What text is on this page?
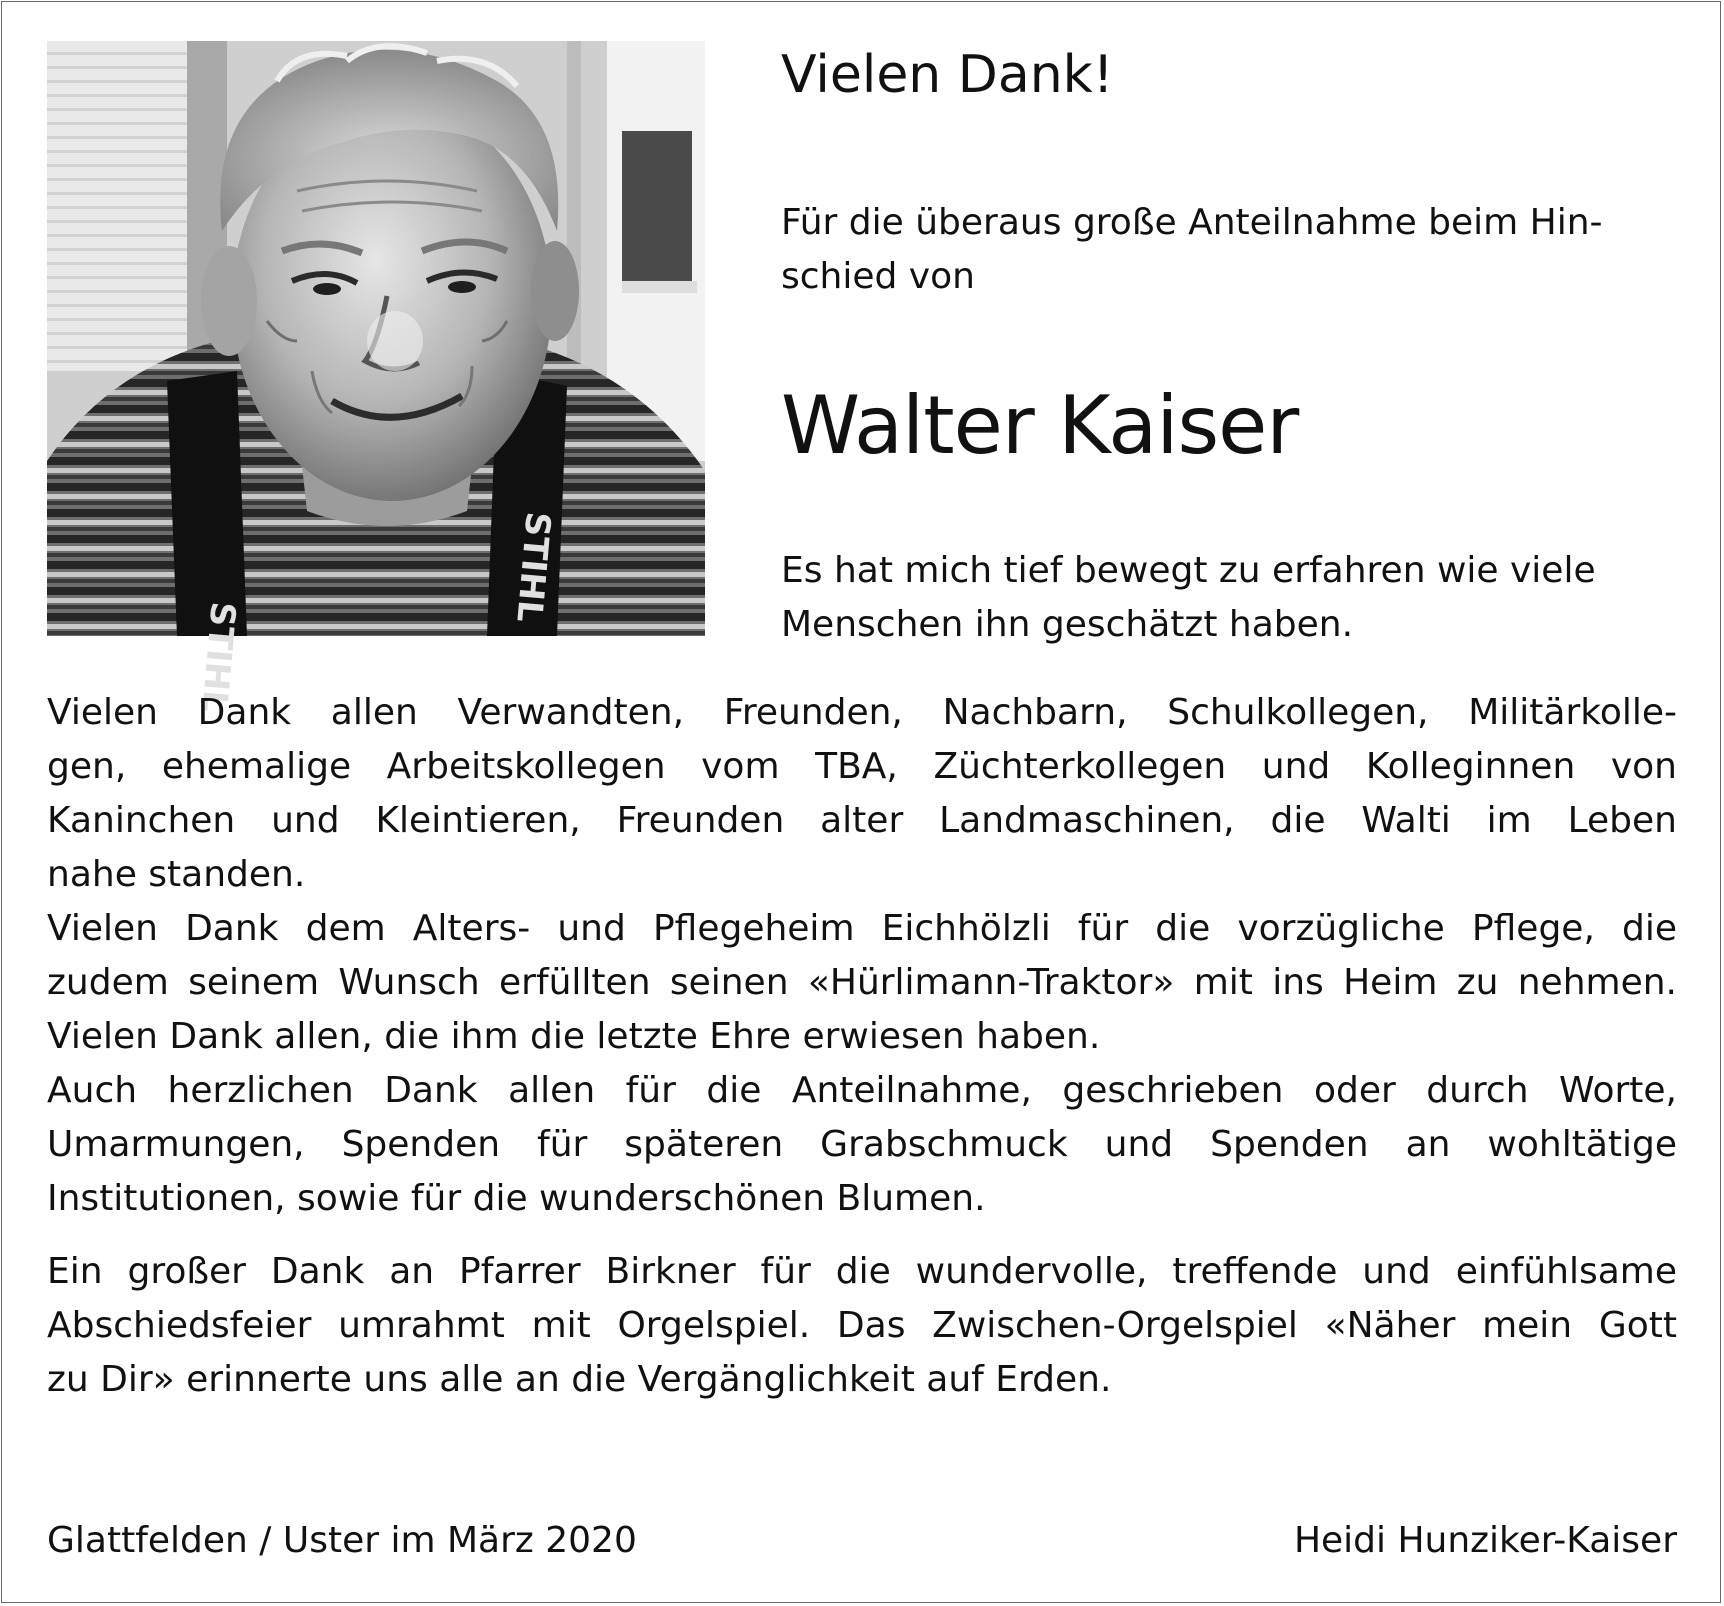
STIHL
STIHL
Vielen Dank!
Für die überaus große Anteilnahme beim Hin-
schied von
Walter Kaiser
Es hat mich tief bewegt zu erfahren wie viele
Menschen ihn geschätzt haben.

Vielen Dank allen Verwandten, Freunden, Nachbarn, Schulkollegen, Militärkolle-

gen, ehemalige Arbeitskollegen vom TBA, Züchterkollegen und Kolleginnen von

Kaninchen und Kleintieren, Freunden alter Landmaschinen, die Walti im Leben

nahe standen.

Vielen Dank dem Alters- und Pflegeheim Eichhölzli für die vorzügliche Pflege, die

zudem seinem Wunsch erfüllten seinen «Hürlimann-Traktor» mit ins Heim zu nehmen.

Vielen Dank allen, die ihm die letzte Ehre erwiesen haben.

Auch herzlichen Dank allen für die Anteilnahme, geschrieben oder durch Worte,

Umarmungen, Spenden für späteren Grabschmuck und Spenden an wohltätige

Institutionen, sowie für die wunderschönen Blumen.

Ein großer Dank an Pfarrer Birkner für die wundervolle, treffende und einfühlsame

Abschiedsfeier umrahmt mit Orgelspiel. Das Zwischen-Orgelspiel «Näher mein Gott

zu Dir» erinnerte uns alle an die Vergänglichkeit auf Erden.

Glattfelden / Uster im März 2020	Heidi Hunziker-Kaiser
